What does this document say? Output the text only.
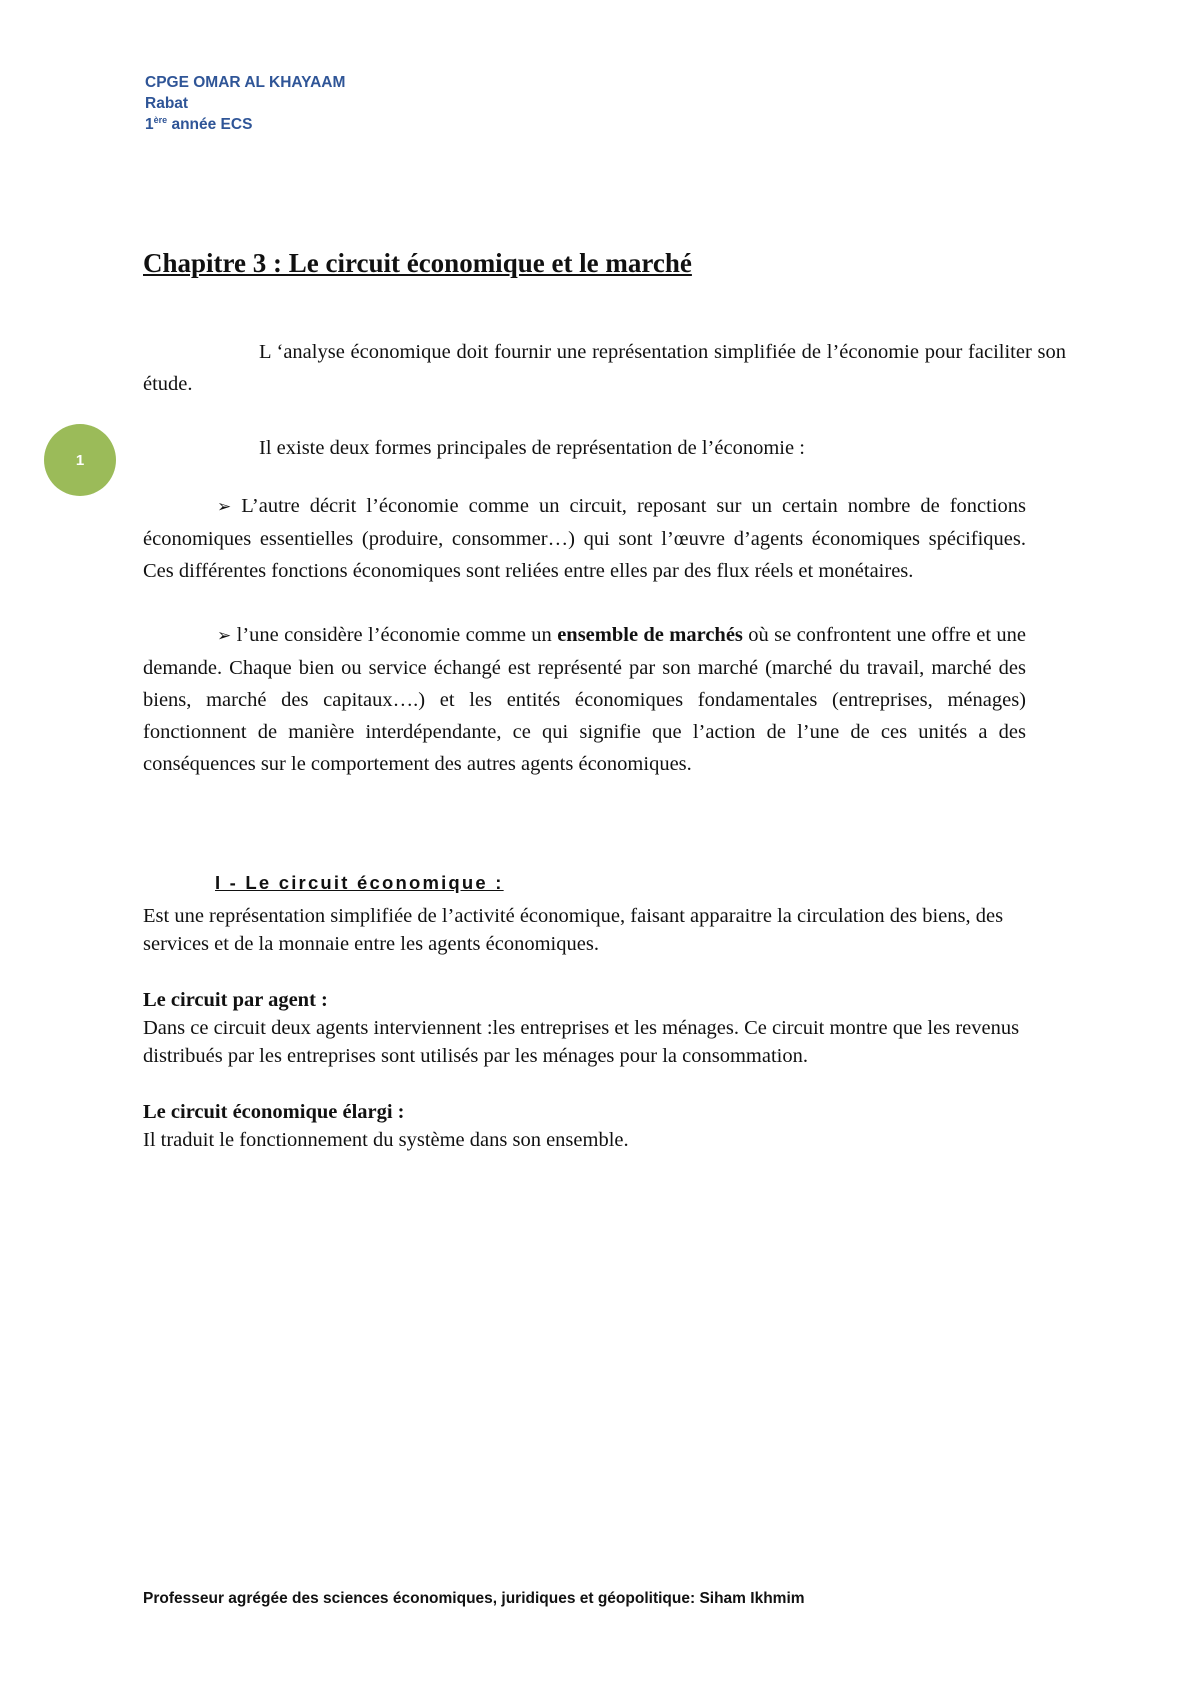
CPGE OMAR AL KHAYAAM
Rabat
1ère année ECS
1
Chapitre 3 : Le circuit économique et le marché

L ‘analyse économique doit fournir une représentation simplifiée de l’économie pour faciliter son étude.

Il existe deux formes principales de représentation de l’économie :

➢ L’autre décrit l’économie comme un circuit, reposant sur un certain nombre de fonctions économiques essentielles (produire, consommer…) qui sont l’œuvre d’agents économiques spécifiques. Ces différentes fonctions économiques sont reliées entre elles par des flux réels et monétaires.

➢ l’une considère l’économie comme un ensemble de marchés où se confrontent une offre et une demande. Chaque bien ou service échangé est représenté par son marché (marché du travail, marché des biens, marché des capitaux….) et les entités économiques fondamentales (entreprises, ménages) fonctionnent de manière interdépendante, ce qui signifie que l’action de l’une de ces unités a des conséquences sur le comportement des autres agents économiques.

I - Le circuit économique :

Est une représentation simplifiée de l’activité économique, faisant apparaitre la circulation des biens, des services et de la monnaie entre les agents économiques.

Le circuit par agent :

Dans ce circuit deux agents interviennent :les entreprises et les ménages. Ce circuit montre que les revenus distribués par les entreprises sont utilisés par les ménages pour la consommation.

Le circuit économique élargi :

Il traduit le fonctionnement du système dans son ensemble.

Professeur agrégée des sciences économiques, juridiques et géopolitique: Siham Ikhmim
